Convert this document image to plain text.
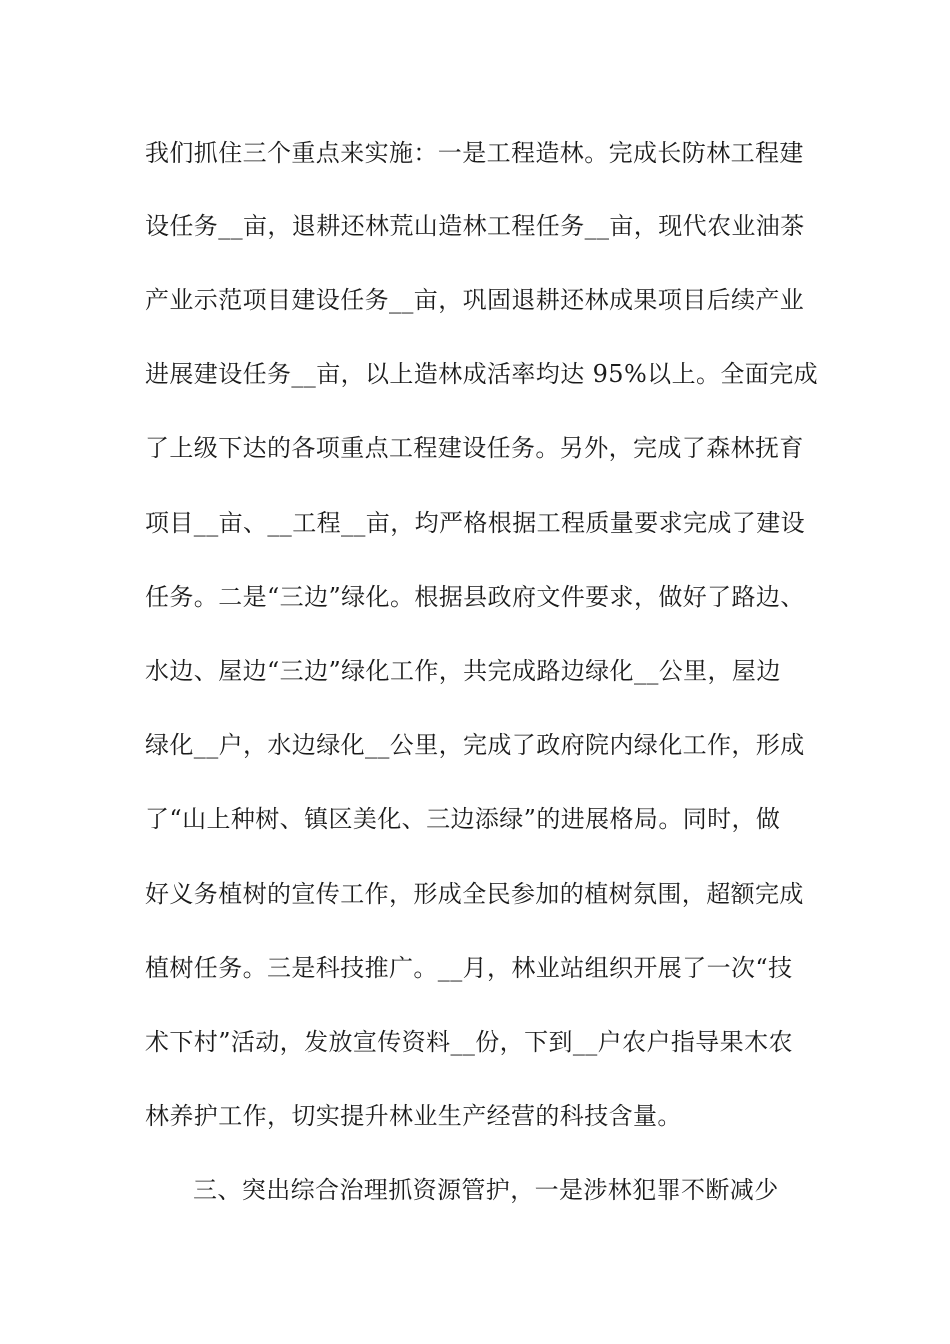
我们抓住三个重点来实施：一是工程造林。完成长防林工程建
设任务__亩，退耕还林荒山造林工程任务__亩，现代农业油茶
产业示范项目建设任务__亩，巩固退耕还林成果项目后续产业
进展建设任务__亩，以上造林成活率均达 95%以上。全面完成
了上级下达的各项重点工程建设任务。另外，完成了森林抚育
项目__亩、__工程__亩，均严格根据工程质量要求完成了建设
任务。二是“三边”绿化。根据县政府文件要求，做好了路边、
水边、屋边“三边”绿化工作，共完成路边绿化__公里，屋边
绿化__户，水边绿化__公里，完成了政府院内绿化工作，形成
了“山上种树、镇区美化、三边添绿”的进展格局。同时，做
好义务植树的宣传工作，形成全民参加的植树氛围，超额完成
植树任务。三是科技推广。__月，林业站组织开展了一次“技
术下村”活动，发放宣传资料__份，下到__户农户指导果木农
林养护工作，切实提升林业生产经营的科技含量。
三、突出综合治理抓资源管护，一是涉林犯罪不断减少
